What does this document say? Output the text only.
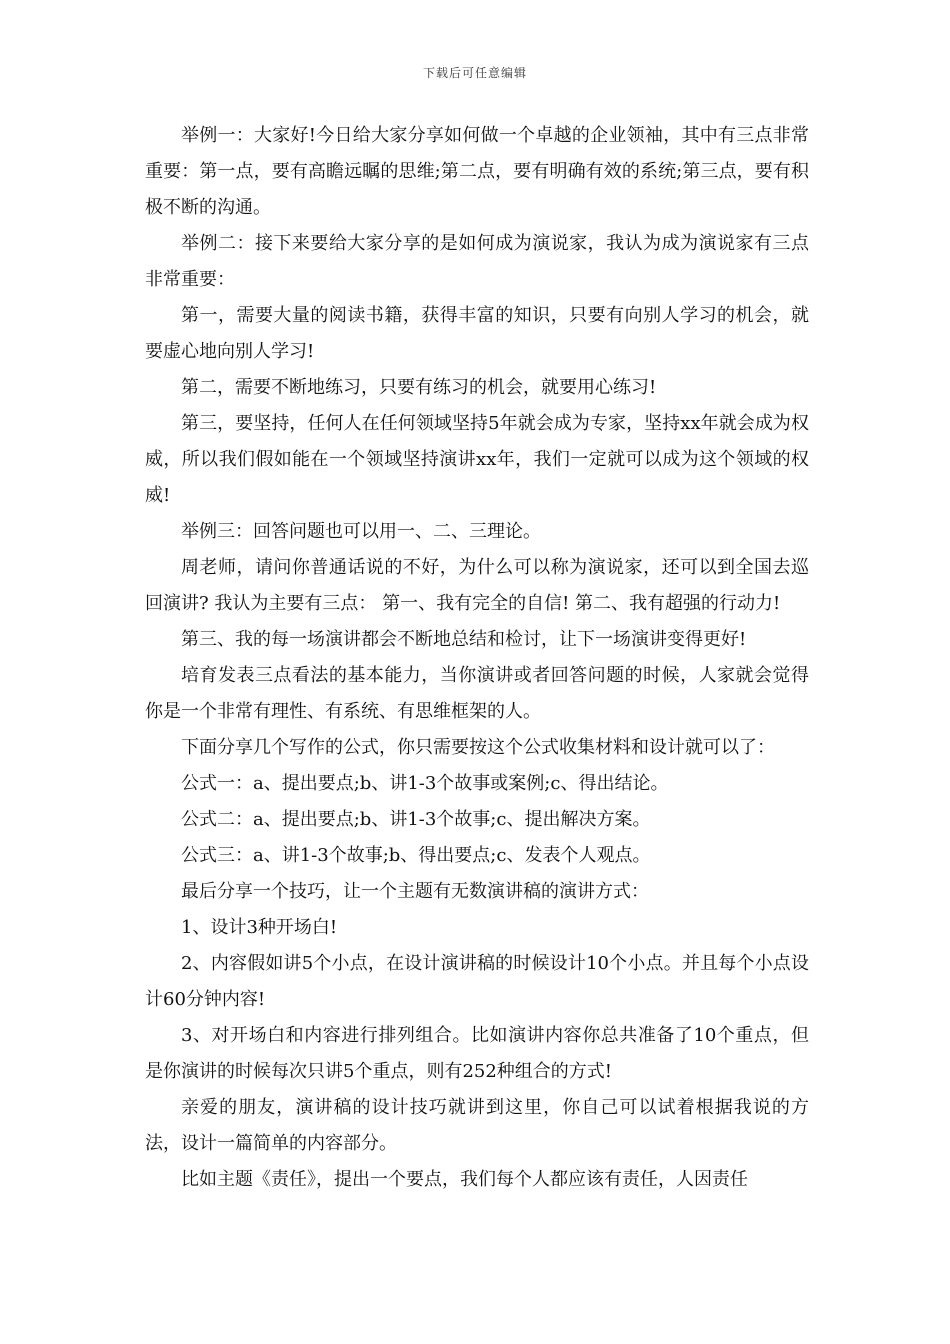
下载后可任意编辑

举例一：大家好!今日给大家分享如何做一个卓越的企业领袖，其中有三点非常重要：第一点，要有高瞻远瞩的思维;第二点，要有明确有效的系统;第三点，要有积极不断的沟通。

举例二：接下来要给大家分享的是如何成为演说家，我认为成为演说家有三点非常重要：

第一，需要大量的阅读书籍，获得丰富的知识，只要有向别人学习的机会，就要虚心地向别人学习!

第二，需要不断地练习，只要有练习的机会，就要用心练习!

第三，要坚持，任何人在任何领域坚持5年就会成为专家，坚持xx年就会成为权威，所以我们假如能在一个领域坚持演讲xx年，我们一定就可以成为这个领域的权威!

举例三：回答问题也可以用一、二、三理论。

周老师，请问你普通话说的不好，为什么可以称为演说家，还可以到全国去巡回演讲? 我认为主要有三点： 第一、我有完全的自信! 第二、我有超强的行动力!

第三、我的每一场演讲都会不断地总结和检讨，让下一场演讲变得更好!

培育发表三点看法的基本能力，当你演讲或者回答问题的时候，人家就会觉得你是一个非常有理性、有系统、有思维框架的人。

下面分享几个写作的公式，你只需要按这个公式收集材料和设计就可以了：

公式一：a、提出要点;b、讲1-3个故事或案例;c、得出结论。

公式二：a、提出要点;b、讲1-3个故事;c、提出解决方案。

公式三：a、讲1-3个故事;b、得出要点;c、发表个人观点。

最后分享一个技巧，让一个主题有无数演讲稿的演讲方式：

1、设计3种开场白!

2、内容假如讲5个小点，在设计演讲稿的时候设计10个小点。并且每个小点设计60分钟内容!

3、对开场白和内容进行排列组合。比如演讲内容你总共准备了10个重点，但是你演讲的时候每次只讲5个重点，则有252种组合的方式!

亲爱的朋友，演讲稿的设计技巧就讲到这里，你自己可以试着根据我说的方法，设计一篇简单的内容部分。

比如主题《责任》，提出一个要点，我们每个人都应该有责任，人因责任
